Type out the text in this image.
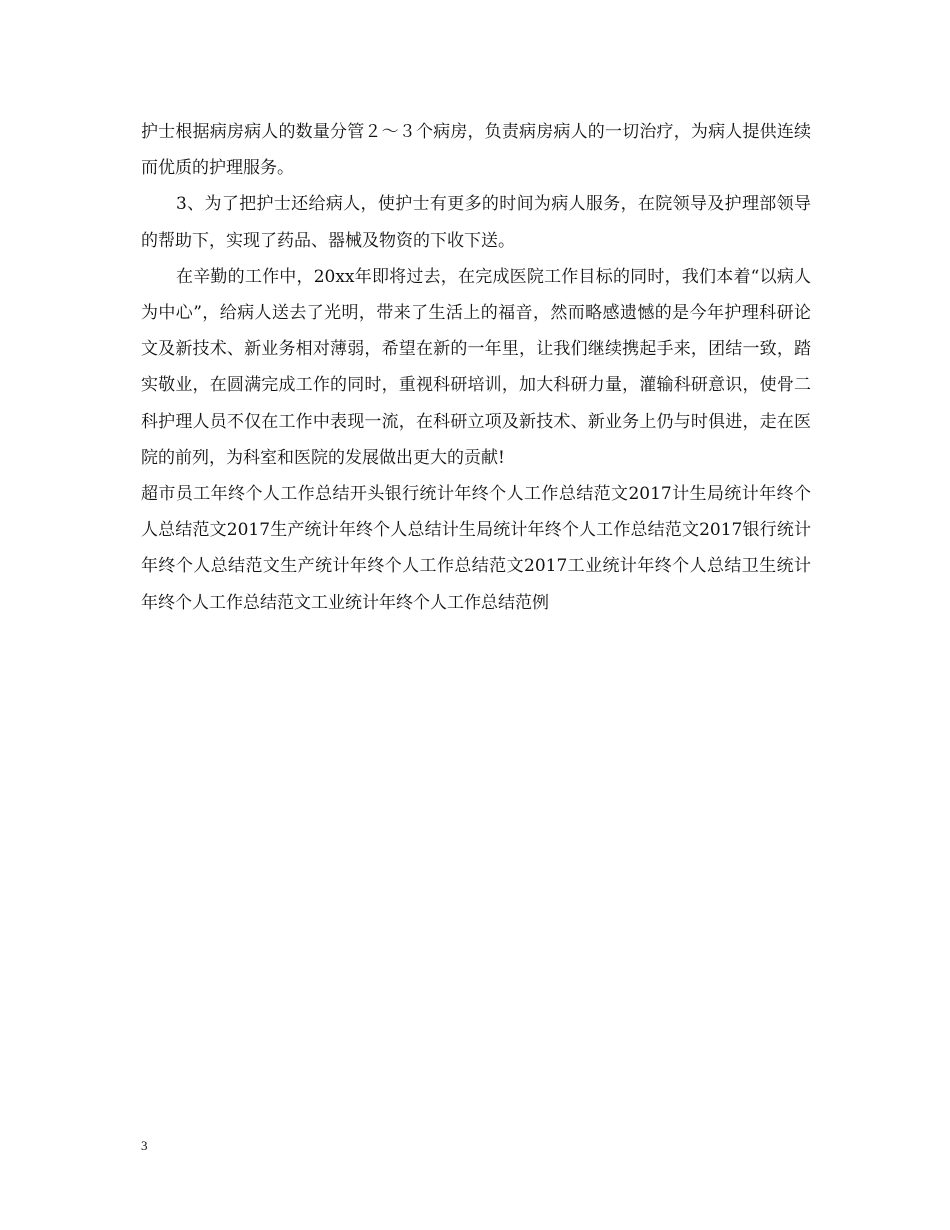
护士根据病房病人的数量分管２～３个病房，负责病房病人的一切治疗，为病人提供连续而优质的护理服务。

3、为了把护士还给病人，使护士有更多的时间为病人服务，在院领导及护理部领导的帮助下，实现了药品、器械及物资的下收下送。

在辛勤的工作中，20xx年即将过去，在完成医院工作目标的同时，我们本着“以病人为中心”，给病人送去了光明，带来了生活上的福音，然而略感遗憾的是今年护理科研论文及新技术、新业务相对薄弱，希望在新的一年里，让我们继续携起手来，团结一致，踏实敬业，在圆满完成工作的同时，重视科研培训，加大科研力量，灌输科研意识，使骨二科护理人员不仅在工作中表现一流，在科研立项及新技术、新业务上仍与时俱进，走在医院的前列，为科室和医院的发展做出更大的贡献!

超市员工年终个人工作总结开头银行统计年终个人工作总结范文2017计生局统计年终个人总结范文2017生产统计年终个人总结计生局统计年终个人工作总结范文2017银行统计年终个人总结范文生产统计年终个人工作总结范文2017工业统计年终个人总结卫生统计年终个人工作总结范文工业统计年终个人工作总结范例

3
